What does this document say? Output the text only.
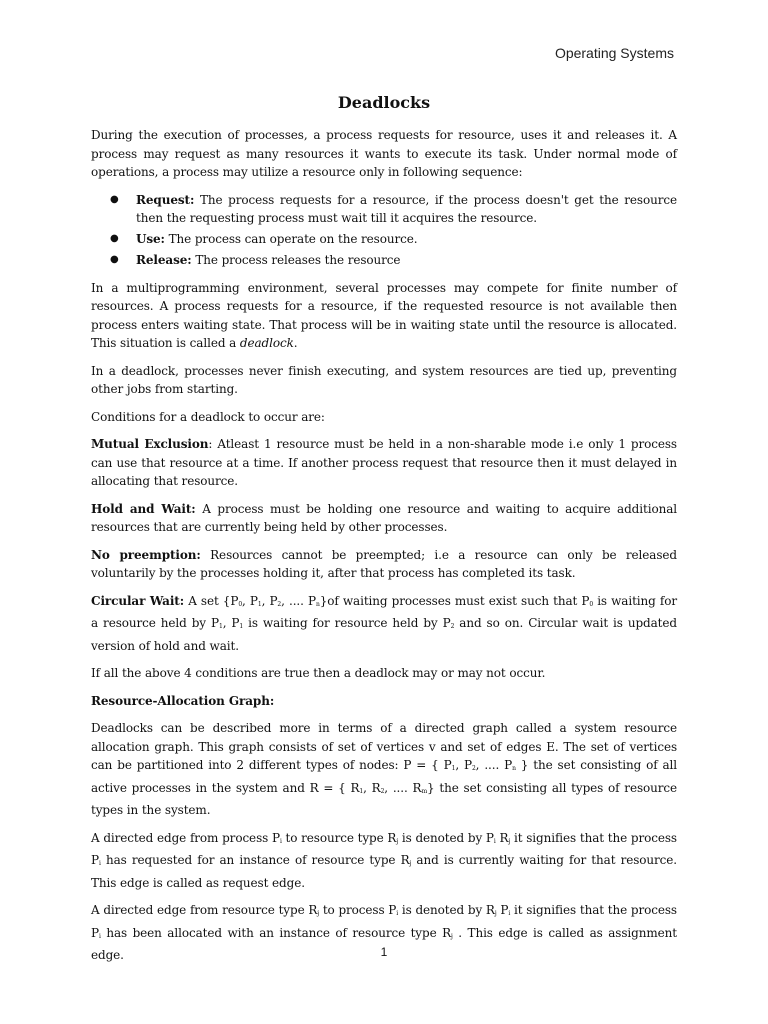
Operating Systems
Deadlocks

During the execution of processes, a process requests for resource, uses it and releases it. A process may request as many resources it wants to execute its task. Under normal mode of operations, a process may utilize a resource only in following sequence:

● Request: The process requests for a resource, if the process doesn't get the resource then the requesting process must wait till it acquires the resource.
● Use: The process can operate on the resource.
● Release: The process releases the resource

In a multiprogramming environment, several processes may compete for finite number of resources. A process requests for a resource, if the requested resource is not available then process enters waiting state. That process will be in waiting state until the resource is allocated. This situation is called a deadlock.

In a deadlock, processes never finish executing, and system resources are tied up, preventing other jobs from starting.

Conditions for a deadlock to occur are:

Mutual Exclusion: Atleast 1 resource must be held in a non-sharable mode i.e only 1 process can use that resource at a time. If another process request that resource then it must delayed in allocating that resource.

Hold and Wait: A process must be holding one resource and waiting to acquire additional resources that are currently being held by other processes.

No preemption: Resources cannot be preempted; i.e a resource can only be released voluntarily by the processes holding it, after that process has completed its task.

Circular Wait: A set {$P_0$, $P_1$, $P_2$, .... $P_n\}of$ waiting processes must exist such that $P_0$ is waiting for a resource held by $P_1$, $P_1$ is waiting for resource held by $P_2$ and so on. Circular wait is updated version of hold and wait.

If all the above 4 conditions are true then a deadlock may or may not occur.

Resource-Allocation Graph:

Deadlocks can be described more in terms of a directed graph called a system resource allocation graph. This graph consists of set of vertices v and set of edges E. The set of vertices can be partitioned into 2 different types of nodes: P = { $P_1$, $P_2$, .... $P_n$ } the set consisting of all active processes in the system and R = { $R_1$, $R_2$, .... $R_m$} the set consisting all types of resource types in the system.

A directed edge from process $P_i$ to resource type $R_j$ is denoted by $P_i$ $R_j$ it signifies that the process $P_i$ has requested for an instance of resource type $R_j$ and is currently waiting for that resource. This edge is called as request edge.

A directed edge from resource type $R_j$ to process $P_i$ is denoted by $R_j$ $P_i$ it signifies that the process $P_i$ has been allocated with an instance of resource type $R_j$ . This edge is called as assignment edge.	1
